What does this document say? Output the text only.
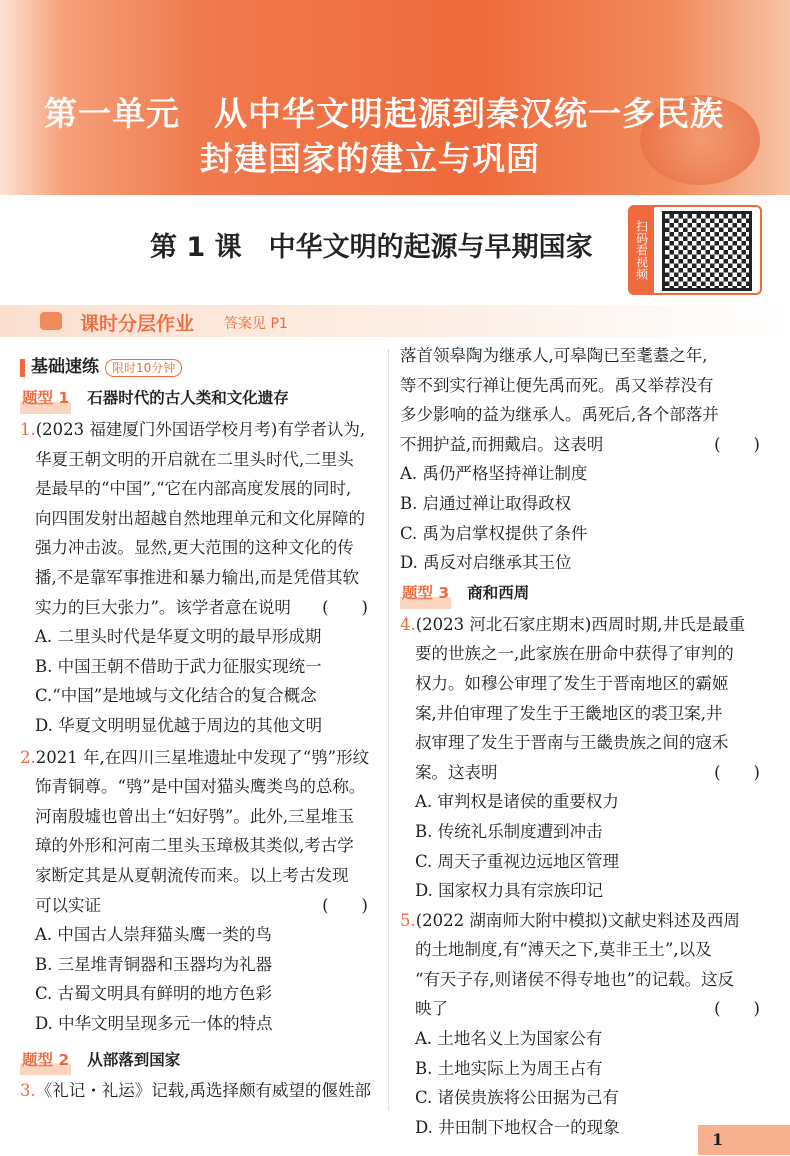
第一单元　从中华文明起源到秦汉统一多民族
封建国家的建立与巩固
第 1 课　中华文明的起源与早期国家	扫码看视频
课时分层作业 答案见 P1
基础速练	限时10分钟
题型 1 石器时代的古人类和文化遗存
1.(2023 福建厦门外国语学校月考)有学者认为,
华夏王朝文明的开启就在二里头时代,二里头
是最早的“中国”,“它在内部高度发展的同时,
向四围发射出超越自然地理单元和文化屏障的
强力冲击波。显然,更大范围的这种文化的传
播,不是靠军事推进和暴力输出,而是凭借其软
实力的巨大张力”。该学者意在说明 (　　)
A. 二里头时代是华夏文明的最早形成期
B. 中国王朝不借助于武力征服实现统一
C.“中国”是地域与文化结合的复合概念
D. 华夏文明明显优越于周边的其他文明
2.2021 年,在四川三星堆遗址中发现了“鸮”形纹
饰青铜尊。“鸮”是中国对猫头鹰类鸟的总称。
河南殷墟也曾出土“妇好鸮”。此外,三星堆玉
璋的外形和河南二里头玉璋极其类似,考古学
家断定其是从夏朝流传而来。以上考古发现
可以实证	(　　)
A. 中国古人崇拜猫头鹰一类的鸟
B. 三星堆青铜器和玉器均为礼器
C. 古蜀文明具有鲜明的地方色彩
D. 中华文明呈现多元一体的特点
题型 2 从部落到国家
3.《礼记・礼运》记载,禹选择颇有威望的偃姓部
落首领皋陶为继承人,可皋陶已至耄耋之年,
等不到实行禅让便先禹而死。禹又举荐没有
多少影响的益为继承人。禹死后,各个部落并
不拥护益,而拥戴启。这表明	(　　)
A. 禹仍严格坚持禅让制度
B. 启通过禅让取得政权
C. 禹为启掌权提供了条件
D. 禹反对启继承其王位
题型 3 商和西周
4.(2023 河北石家庄期末)西周时期,井氏是最重
要的世族之一,此家族在册命中获得了审判的
权力。如穆公审理了发生于晋南地区的霸姬
案,井伯审理了发生于王畿地区的裘卫案,井
叔审理了发生于晋南与王畿贵族之间的寇禾
案。这表明	(　　)
A. 审判权是诸侯的重要权力
B. 传统礼乐制度遭到冲击
C. 周天子重视边远地区管理
D. 国家权力具有宗族印记
5.(2022 湖南师大附中模拟)文献史料述及西周
的土地制度,有“溥天之下,莫非王土”,以及
“有天子存,则诸侯不得专地也”的记载。这反
映了	(　　)
A. 土地名义上为国家公有
B. 土地实际上为周王占有
C. 诸侯贵族将公田据为己有
D. 井田制下地权合一的现象
1
